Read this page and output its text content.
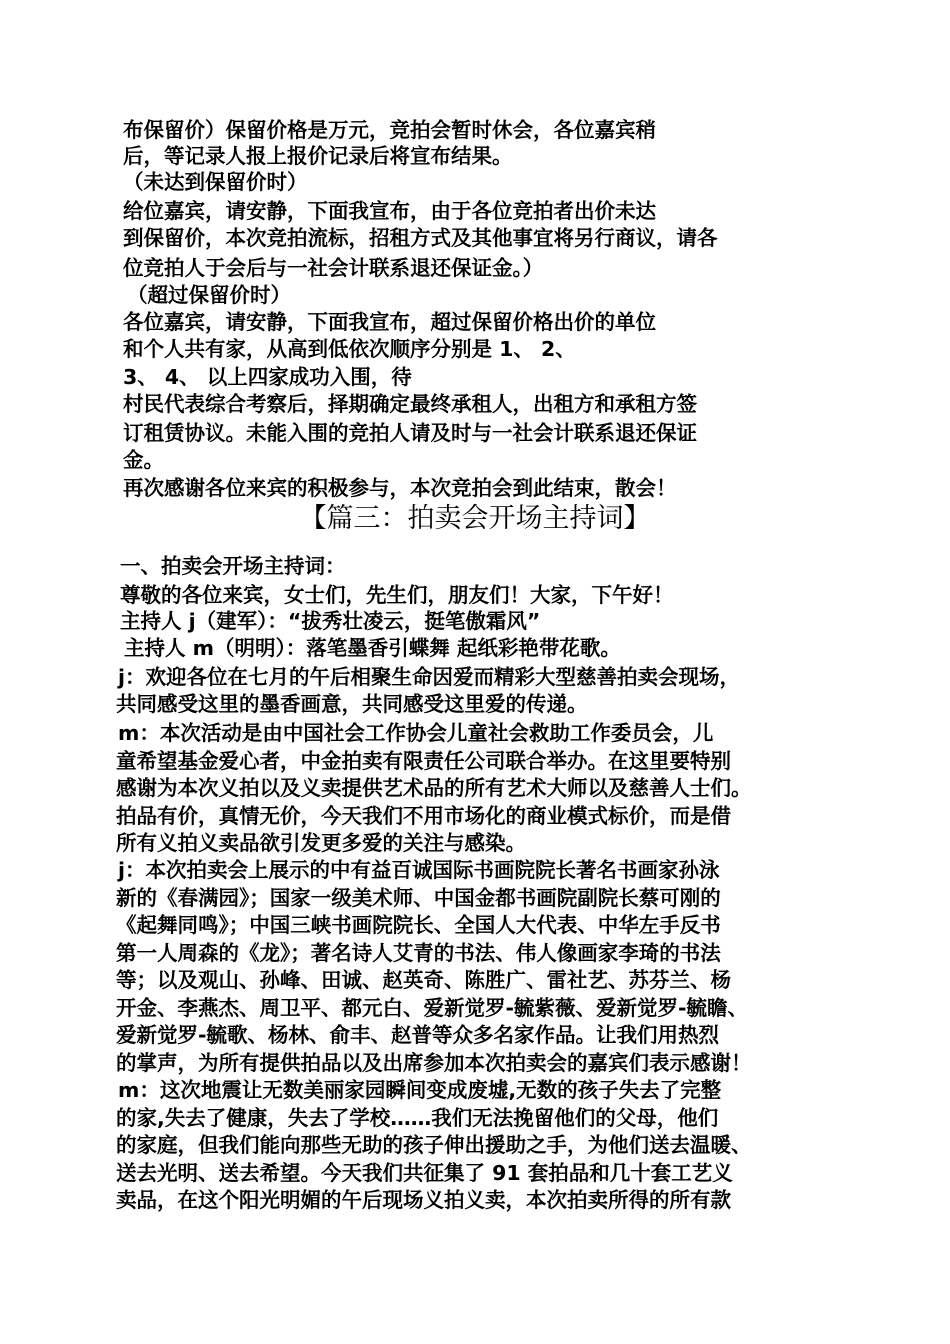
布保留价）保留价格是万元，竞拍会暂时休会，各位嘉宾稍
后，等记录人报上报价记录后将宣布结果。
（未达到保留价时）
给位嘉宾，请安静，下面我宣布，由于各位竞拍者出价未达
到保留价，本次竞拍流标，招租方式及其他事宜将另行商议，请各
位竞拍人于会后与一社会计联系退还保证金。）
（超过保留价时）
各位嘉宾，请安静，下面我宣布，超过保留价格出价的单位
和个人共有家，从高到低依次顺序分别是 1、 2、
3、 4、 以上四家成功入围，待
村民代表综合考察后，择期确定最终承租人，出租方和承租方签
订租赁协议。未能入围的竞拍人请及时与一社会计联系退还保证
金。
再次感谢各位来宾的积极参与，本次竞拍会到此结束，散会！
【篇三：拍卖会开场主持词】
一、拍卖会开场主持词：
尊敬的各位来宾，女士们，先生们，朋友们！大家，下午好！
主持人 j（建军）：“拔秀壮凌云，挺笔傲霜风”
主持人 m（明明）：落笔墨香引蝶舞 起纸彩艳带花歌。
j：欢迎各位在七月的午后相聚生命因爱而精彩大型慈善拍卖会现场，
共同感受这里的墨香画意，共同感受这里爱的传递。
m：本次活动是由中国社会工作协会儿童社会救助工作委员会，儿
童希望基金爱心者，中金拍卖有限责任公司联合举办。在这里要特别
感谢为本次义拍以及义卖提供艺术品的所有艺术大师以及慈善人士们。
拍品有价，真情无价，今天我们不用市场化的商业模式标价，而是借
所有义拍义卖品欲引发更多爱的关注与感染。
j：本次拍卖会上展示的中有益百诚国际书画院院长著名书画家孙泳
新的《春满园》；国家一级美术师、中国金都书画院副院长蔡可刚的
《起舞同鸣》；中国三峡书画院院长、全国人大代表、中华左手反书
第一人周森的《龙》；著名诗人艾青的书法、伟人像画家李琦的书法
等；以及观山、孙峰、田诚、赵英奇、陈胜广、雷社艺、苏芬兰、杨
开金、李燕杰、周卫平、都元白、爱新觉罗-毓紫薇、爱新觉罗-毓瞻、
爱新觉罗-毓歌、杨林、俞丰、赵普等众多名家作品。让我们用热烈
的掌声，为所有提供拍品以及出席参加本次拍卖会的嘉宾们表示感谢！
m：这次地震让无数美丽家园瞬间变成废墟,无数的孩子失去了完整
的家,失去了健康，失去了学校……我们无法挽留他们的父母，他们
的家庭，但我们能向那些无助的孩子伸出援助之手，为他们送去温暖、
送去光明、送去希望。今天我们共征集了 91 套拍品和几十套工艺义
卖品，在这个阳光明媚的午后现场义拍义卖，本次拍卖所得的所有款
